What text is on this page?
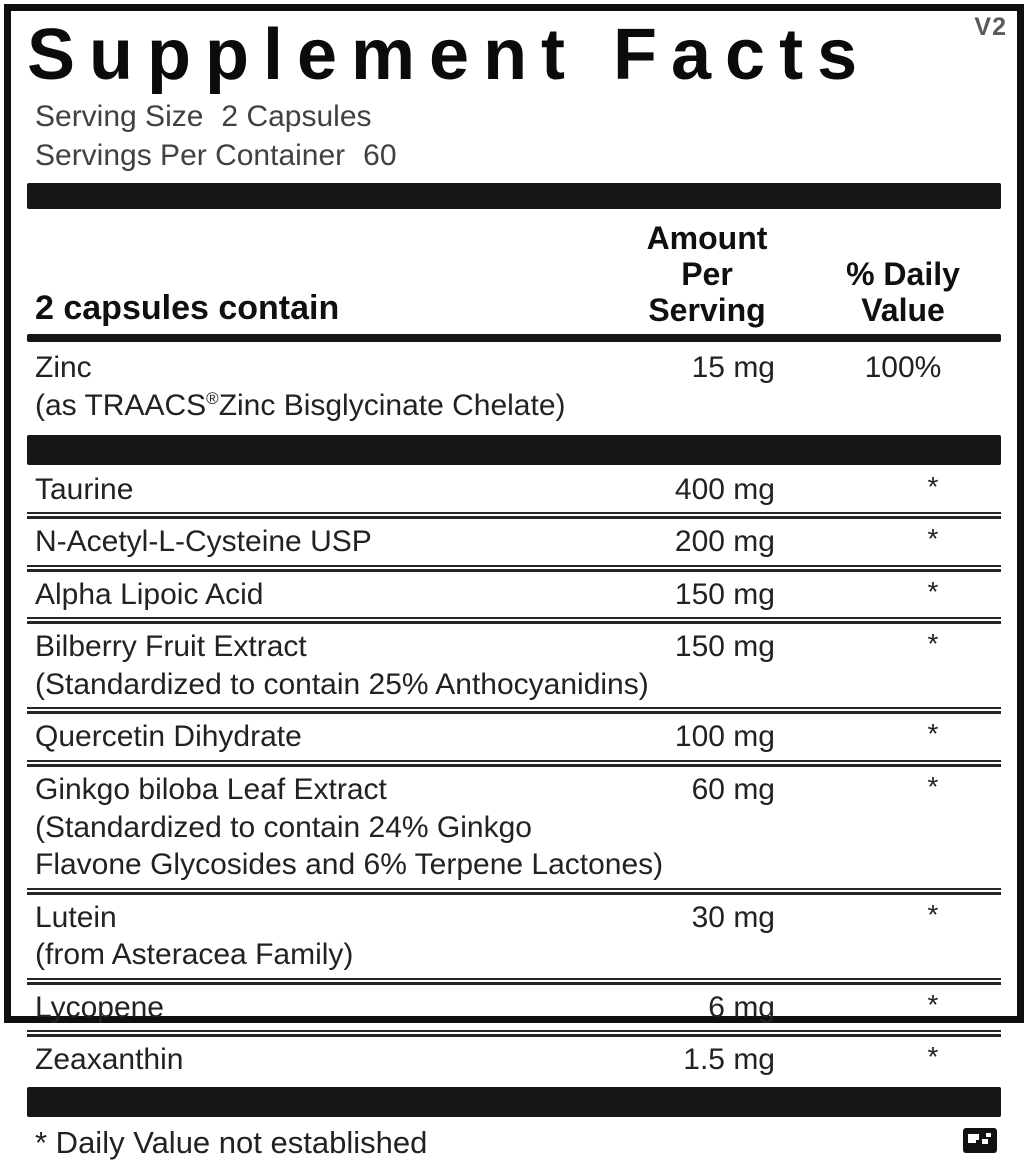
V2
Supplement Facts
Serving Size 2 Capsules
Servings Per Container 60
2 capsules contain
Amount Per
Serving
% Daily
Value
Zinc	15 mg	100%
(as TRAACS®Zinc Bisglycinate Chelate)
Taurine	400 mg	*
N-Acetyl-L-Cysteine USP	200 mg	*
Alpha Lipoic Acid	150 mg	*
Bilberry Fruit Extract	150 mg	*
(Standardized to contain 25% Anthocyanidins)
Quercetin Dihydrate	100 mg	*
Ginkgo biloba Leaf Extract	60 mg	*
(Standardized to contain 24% Ginkgo
Flavone Glycosides and 6% Terpene Lactones)
Lutein	30 mg	*
(from Asteracea Family)
Lycopene	6 mg	*
Zeaxanthin	1.5 mg	*
* Daily Value not established
